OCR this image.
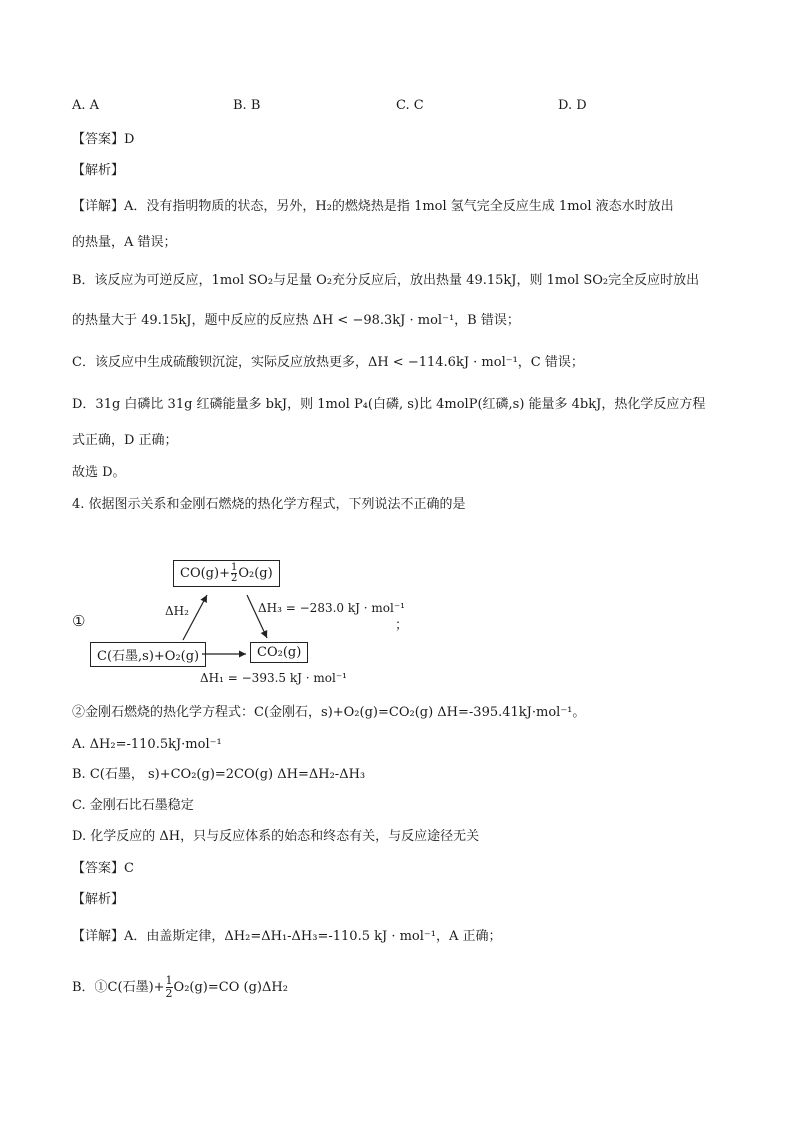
A. A	B. B	C. C	D. D
【答案】D
【解析】
【详解】A．没有指明物质的状态，另外，H₂的燃烧热是指 1mol 氢气完全反应生成 1mol 液态水时放出
的热量，A 错误；
B．该反应为可逆反应，1mol SO₂与足量 O₂充分反应后，放出热量 49.15kJ，则 1mol SO₂完全反应时放出
的热量大于 49.15kJ，题中反应的反应热 ΔH < −98.3kJ · mol⁻¹，B 错误；
C．该反应中生成硫酸钡沉淀，实际反应放热更多，ΔH < −114.6kJ · mol⁻¹，C 错误；
D．31g 白磷比 31g 红磷能量多 bkJ，则 1mol P₄(白磷, s)比 4molP(红磷,s) 能量多 4bkJ，热化学反应方程
式正确，D 正确；
故选 D。
4. 依据图示关系和金刚石燃烧的热化学方程式，下列说法不正确的是
①
$CO(g)+ \frac{1}{2} O_2(g)$
C(石墨,s)+O₂(g)	CO₂(g)
ΔH₂	ΔH₃ = −283.0 kJ · mol⁻¹
ΔH₁ = −393.5 kJ · mol⁻¹
；
②金刚石燃烧的热化学方程式：C(金刚石，s)+O₂(g)=CO₂(g) ΔH=-395.41kJ·mol⁻¹。
A. ΔH₂=-110.5kJ·mol⁻¹
B. C(石墨， s)+CO₂(g)=2CO(g) ΔH=ΔH₂-ΔH₃
C. 金刚石比石墨稳定
D. 化学反应的 ΔH，只与反应体系的始态和终态有关，与反应途径无关
【答案】C
【解析】
【详解】A．由盖斯定律，ΔH₂=ΔH₁-ΔH₃=-110.5 kJ · mol⁻¹，A 正确；
B．①C(石墨)+ $\frac{1}{2} O_2(g)=CO$ (g)ΔH₂
